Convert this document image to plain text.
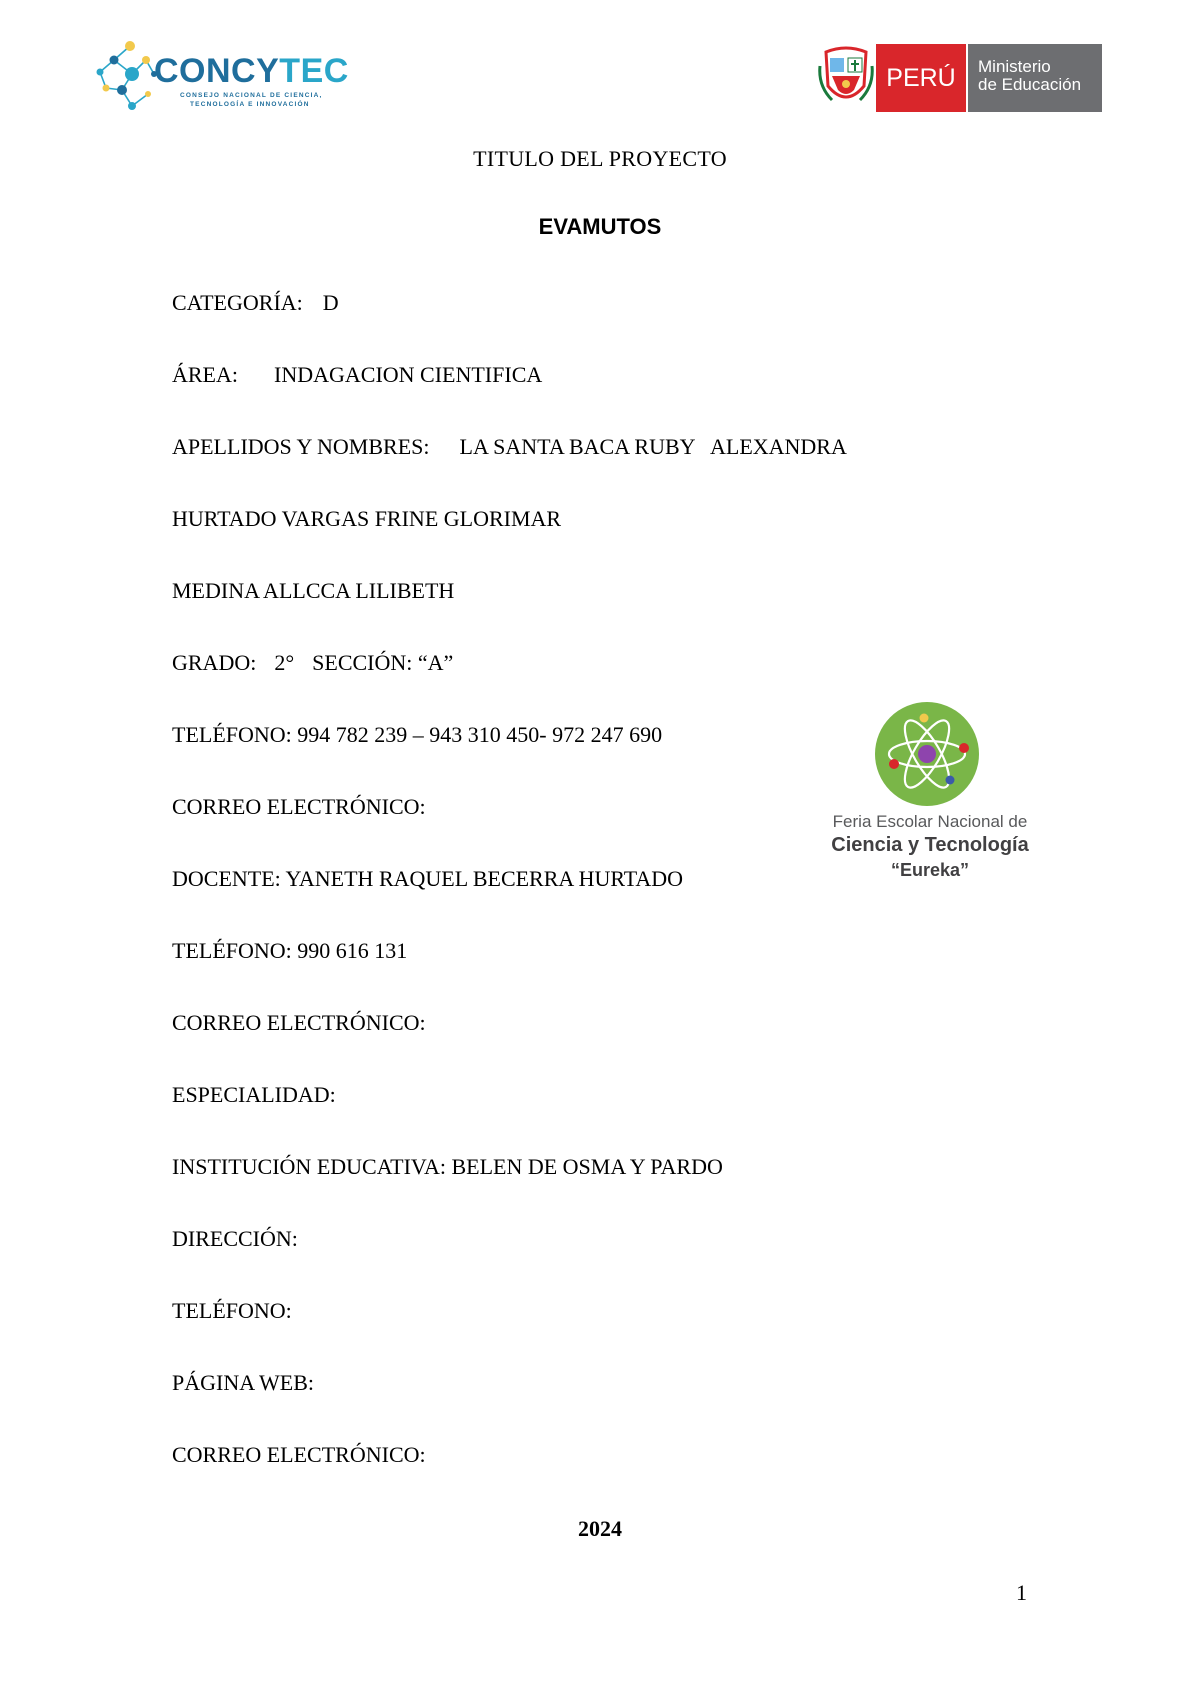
CONCYTEC
CONSEJO NACIONAL DE CIENCIA,
TECNOLOGÍA E INNOVACIÓN
PERÚ	Ministerio
de Educación
TITULO DEL PROYECTO
EVAMUTOS
CATEGORÍA: D
ÁREA: INDAGACION CIENTIFICA
APELLIDOS Y NOMBRES: LA SANTA BACA RUBY   ALEXANDRA
HURTADO VARGAS FRINE GLORIMAR
MEDINA ALLCCA LILIBETH
GRADO: 2° SECCIÓN: “A”
TELÉFONO: 994 782 239 – 943 310 450- 972 247 690
CORREO ELECTRÓNICO:
DOCENTE: YANETH RAQUEL BECERRA HURTADO
TELÉFONO: 990 616 131
CORREO ELECTRÓNICO:
ESPECIALIDAD:
INSTITUCIÓN EDUCATIVA: BELEN DE OSMA Y PARDO
DIRECCIÓN:
TELÉFONO:
PÁGINA WEB:
CORREO ELECTRÓNICO:
Feria Escolar Nacional de
Ciencia y Tecnología
“Eureka”
2024
1
